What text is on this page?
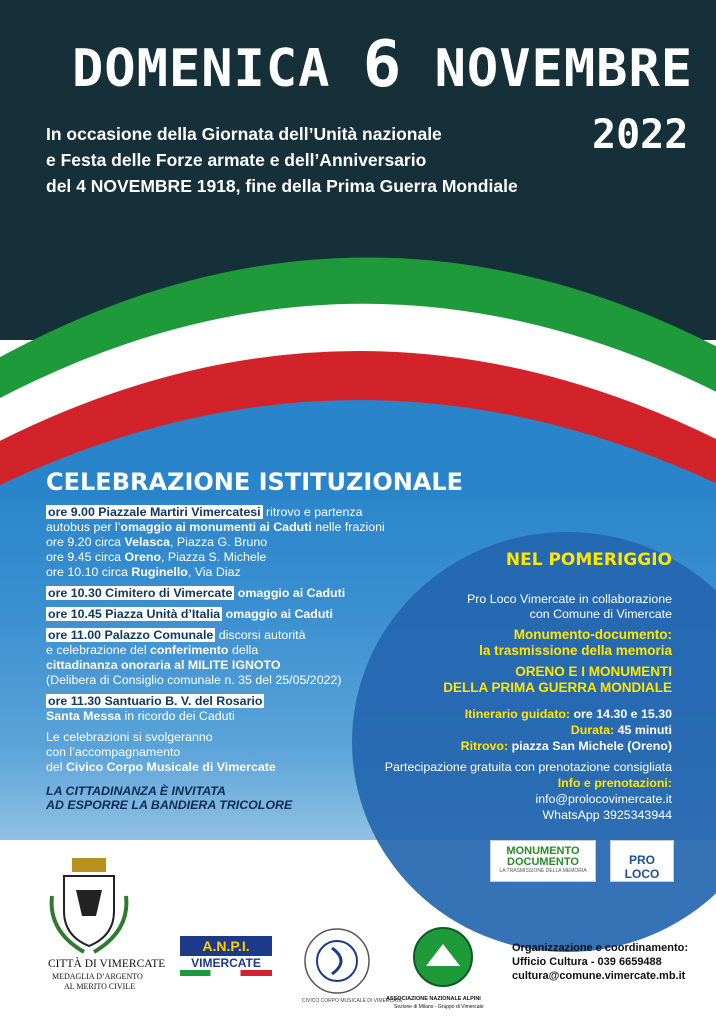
DOMENICA 6 NOVEMBRE
2022
In occasione della Giornata dell’Unità nazionale
e Festa delle Forze armate e dell’Anniversario
del 4 NOVEMBRE 1918, fine della Prima Guerra Mondiale
CELEBRAZIONE ISTITUZIONALE
ore 9.00 Piazzale Martiri Vimercatesi ritrovo e partenza
autobus per l’omaggio ai monumenti ai Caduti nelle frazioni
ore 9.20 circa Velasca, Piazza G. Bruno
ore 9.45 circa Oreno, Piazza S. Michele
ore 10.10 circa Ruginello, Via Diaz
ore 10.30 Cimitero di Vimercate omaggio ai Caduti
ore 10.45 Piazza Unità d’Italia omaggio ai Caduti
ore 11.00 Palazzo Comunale discorsi autorità
e celebrazione del conferimento della
cittadinanza onoraria al MILITE IGNOTO
(Delibera di Consiglio comunale n. 35 del 25/05/2022)
ore 11.30 Santuario B. V. del Rosario
Santa Messa in ricordo dei Caduti
Le celebrazioni si svolgeranno
con l’accompagnamento
del Civico Corpo Musicale di Vimercate
LA CITTADINANZA È INVITATA
AD ESPORRE LA BANDIERA TRICOLORE
NEL POMERIGGIO
Pro Loco Vimercate in collaborazione
con Comune di Vimercate
Monumento-documento:
la trasmissione della memoria
ORENO E I MONUMENTI
DELLA PRIMA GUERRA MONDIALE
Itinerario guidato: ore 14.30 e 15.30
Durata: 45 minuti
Ritrovo: piazza San Michele (Oreno)
Partecipazione gratuita con prenotazione consigliata
Info e prenotazioni:
info@prolocovimercate.it
WhatsApp 3925343944
MONUMENTO
DOCUMENTO
LA TRASMISSIONE DELLA MEMORIA
PRO LOCO
CITTÀ DI VIMERCATE
MEDAGLIA D’ARGENTO
AL MERITO CIVILE
A.N.P.I.
VIMERCATE
CIVICO CORPO MUSICALE DI VIMERCATE
A.N.A.
ASSOCIAZIONE NAZIONALE ALPINI
Sezione di Milano - Gruppo di Vimercate
Organizzazione e coordinamento:
Ufficio Cultura - 039 6659488
cultura@comune.vimercate.mb.it
